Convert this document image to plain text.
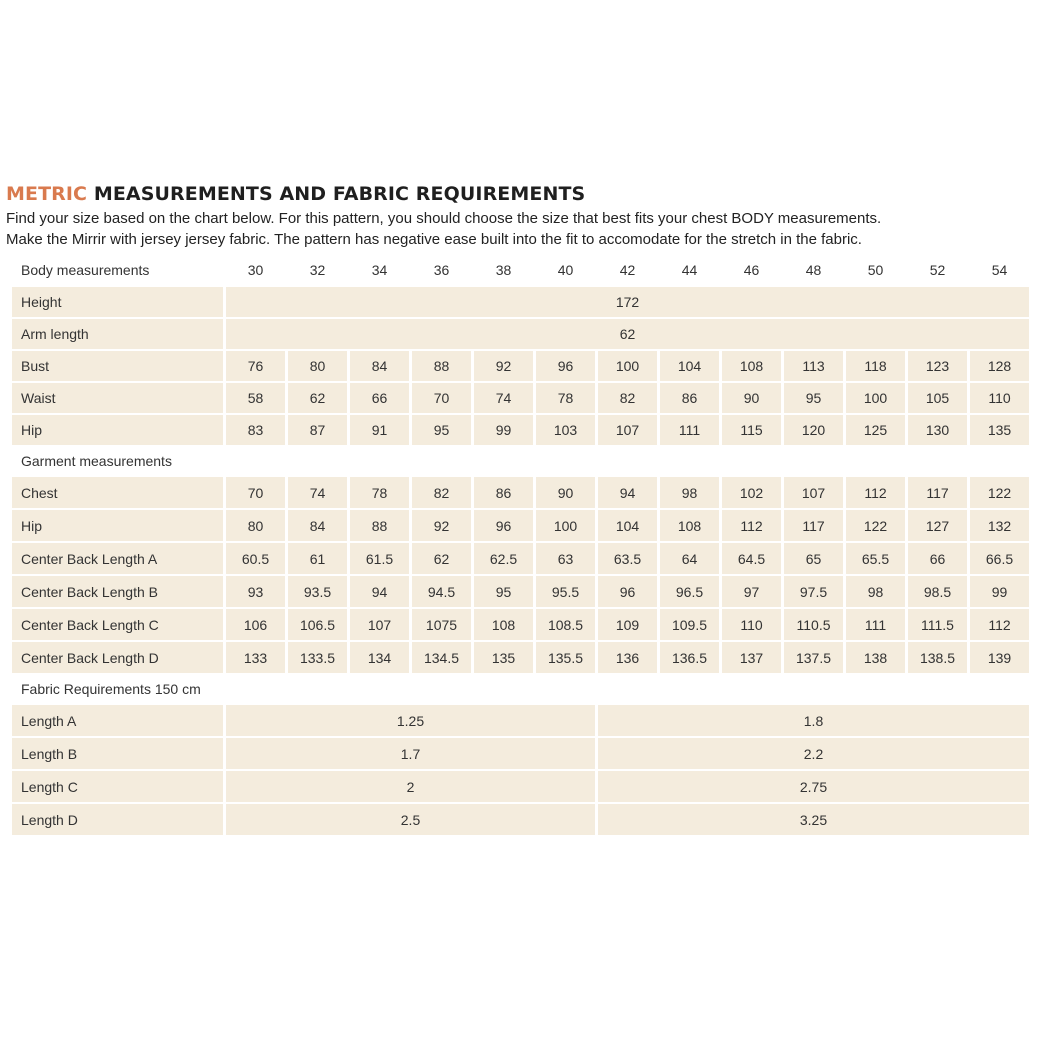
METRIC MEASUREMENTS AND FABRIC REQUIREMENTS
Find your size based on the chart below. For this pattern, you should choose the size that best fits your chest BODY measurements.
Make the Mirrir with jersey jersey fabric. The pattern has negative ease built into the fit to accomodate for the stretch in the fabric.
Body measurements	30	32	34	36	38	40	42	44	46	48	50	52	54
Height	172												
Arm length	62												
Bust	76	80	84	88	92	96	100	104	108	113	118	123	128
Waist	58	62	66	70	74	78	82	86	90	95	100	105	110
Hip	83	87	91	95	99	103	107	111	115	120	125	130	135
Garment measurements													
Chest	70	74	78	82	86	90	94	98	102	107	112	117	122
Hip	80	84	88	92	96	100	104	108	112	117	122	127	132
Center Back Length A	60.5	61	61.5	62	62.5	63	63.5	64	64.5	65	65.5	66	66.5
Center Back Length B	93	93.5	94	94.5	95	95.5	96	96.5	97	97.5	98	98.5	99
Center Back Length C	106	106.5	107	1075	108	108.5	109	109.5	110	110.5	111	111.5	112
Center Back Length D	133	133.5	134	134.5	135	135.5	136	136.5	137	137.5	138	138.5	139
Fabric Requirements 150 cm													
Length A	1.25						1.8						
Length B	1.7						2.2						
Length C	2						2.75						
Length D	2.5						3.25						
